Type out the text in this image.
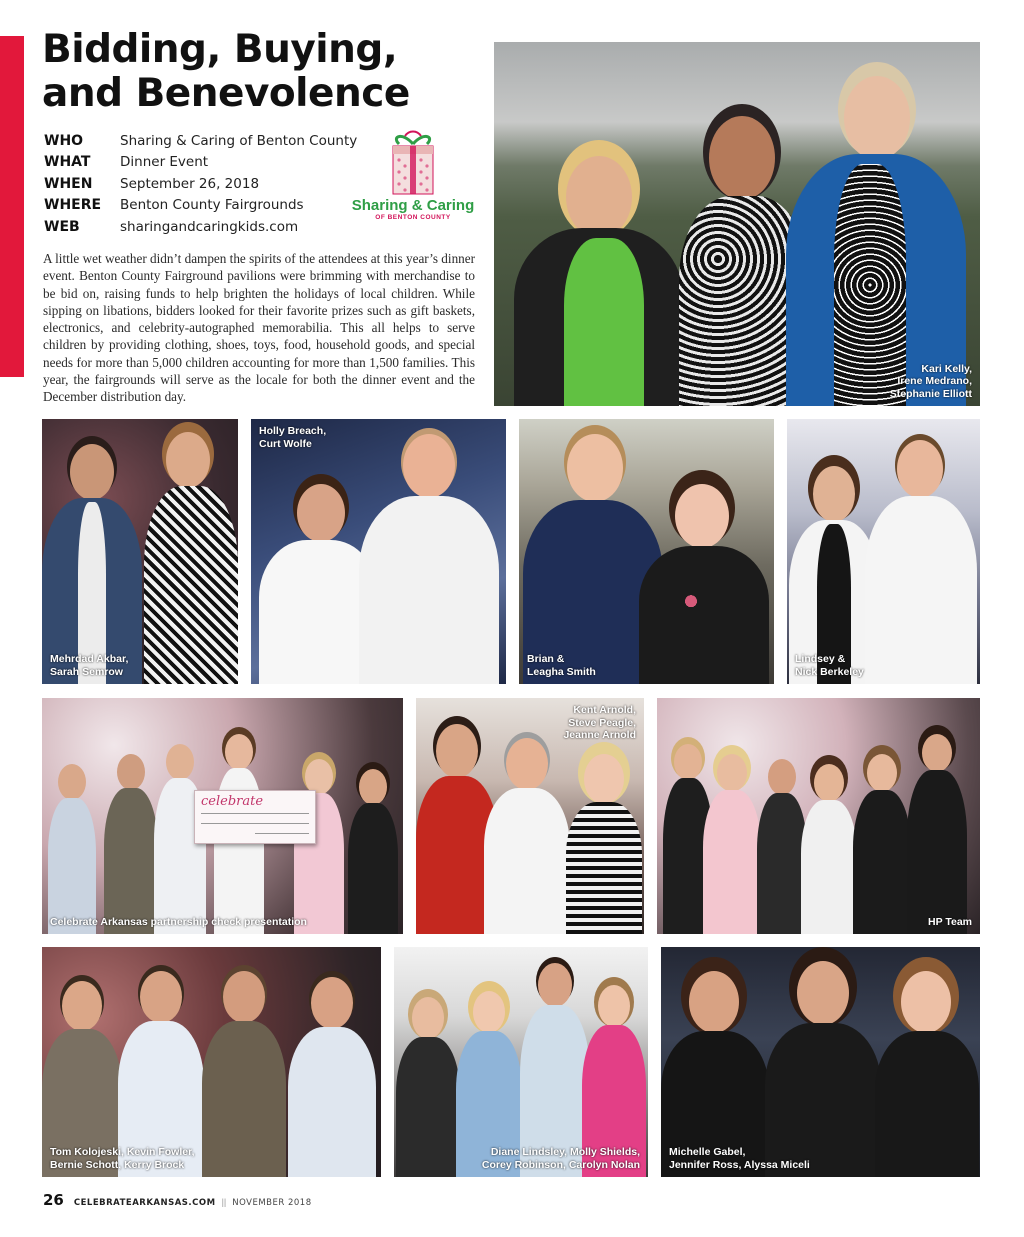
Bidding, Buying, and Benevolence
WHO	Sharing & Caring of Benton County
WHAT	Dinner Event
WHEN	September 26, 2018
WHERE	Benton County Fairgrounds
WEB	sharingandcaringkids.com
Sharing & Caring
OF BENTON COUNTY

A little wet weather didn’t dampen the spirits of the attendees at this year’s dinner event. Benton County Fairground pavilions were brimming with merchandise to be bid on, raising funds to help brighten the holidays of local children. While sipping on libations, bidders looked for their favorite prizes such as gift baskets, electronics, and celebrity-autographed memorabilia. This all helps to serve children by providing clothing, shoes, toys, food, household goods, and special needs for more than 5,000 children accounting for more than 1,500 families. This year, the fairgrounds will serve as the locale for both the dinner event and the December distribution day.

Kari Kelly,
Irene Medrano,
Stephanie Elliott
Mehrdad Akbar,
Sarah Semrow
Holly Breach,
Curt Wolfe
Brian &
Leagha Smith
Lindsey &
Nick Berkeley
celebrate
Celebrate Arkansas partnership check presentation
Kent Arnold,
Steve Peagle,
Jeanne Arnold
HP Team
Tom Kolojeski, Kevin Fowler,
Bernie Schott, Kerry Brock
Diane Lindsley, Molly Shields,
Corey Robinson, Carolyn Nolan
Michelle Gabel,
Jennifer Ross, Alyssa Miceli
26 CELEBRATEARKANSAS.COM || NOVEMBER 2018
